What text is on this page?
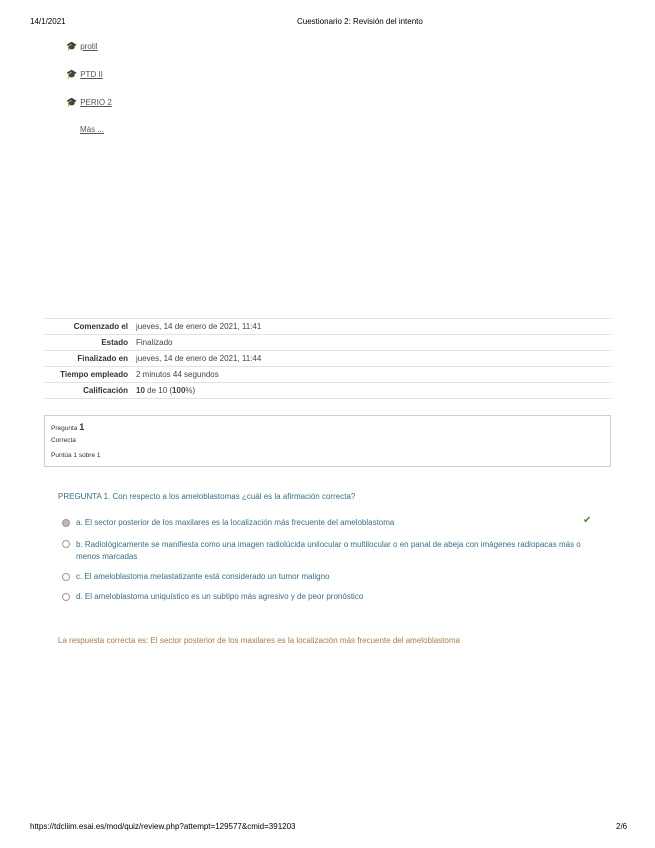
14/1/2021	Cuestionario 2: Revisión del intento
🎓 protil
🎓 PTD II
🎓 PERIO 2
Más ...
Comenzado el	jueves, 14 de enero de 2021, 11:41
Estado	Finalizado
Finalizado en	jueves, 14 de enero de 2021, 11:44
Tiempo empleado	2 minutos 44 segundos
Calificación	10 de 10 (100%)
Pregunta 1
Correcta
Puntúa 1 sobre 1
PREGUNTA 1. Con respecto a los ameloblastomas ¿cuál es la afirmación correcta?
a. El sector posterior de los maxilares es la localización más frecuente del ameloblastoma	✔
b. Radiológicamente se manifiesta como una imagen radiolúcida unilocular o multilocular o en panal de abeja con imágenes radiopacas más o menos marcadas
c. El ameloblastoma metastatizante está considerado un tumor maligno
d. El ameloblastoma uniquístico es un subtipo más agresivo y de peor pronóstico
La respuesta correcta es: El sector posterior de los maxilares es la localización más frecuente del ameloblastoma
https://tdcliim.esai.es/mod/quiz/review.php?attempt=129577&cmid=391203	2/6
